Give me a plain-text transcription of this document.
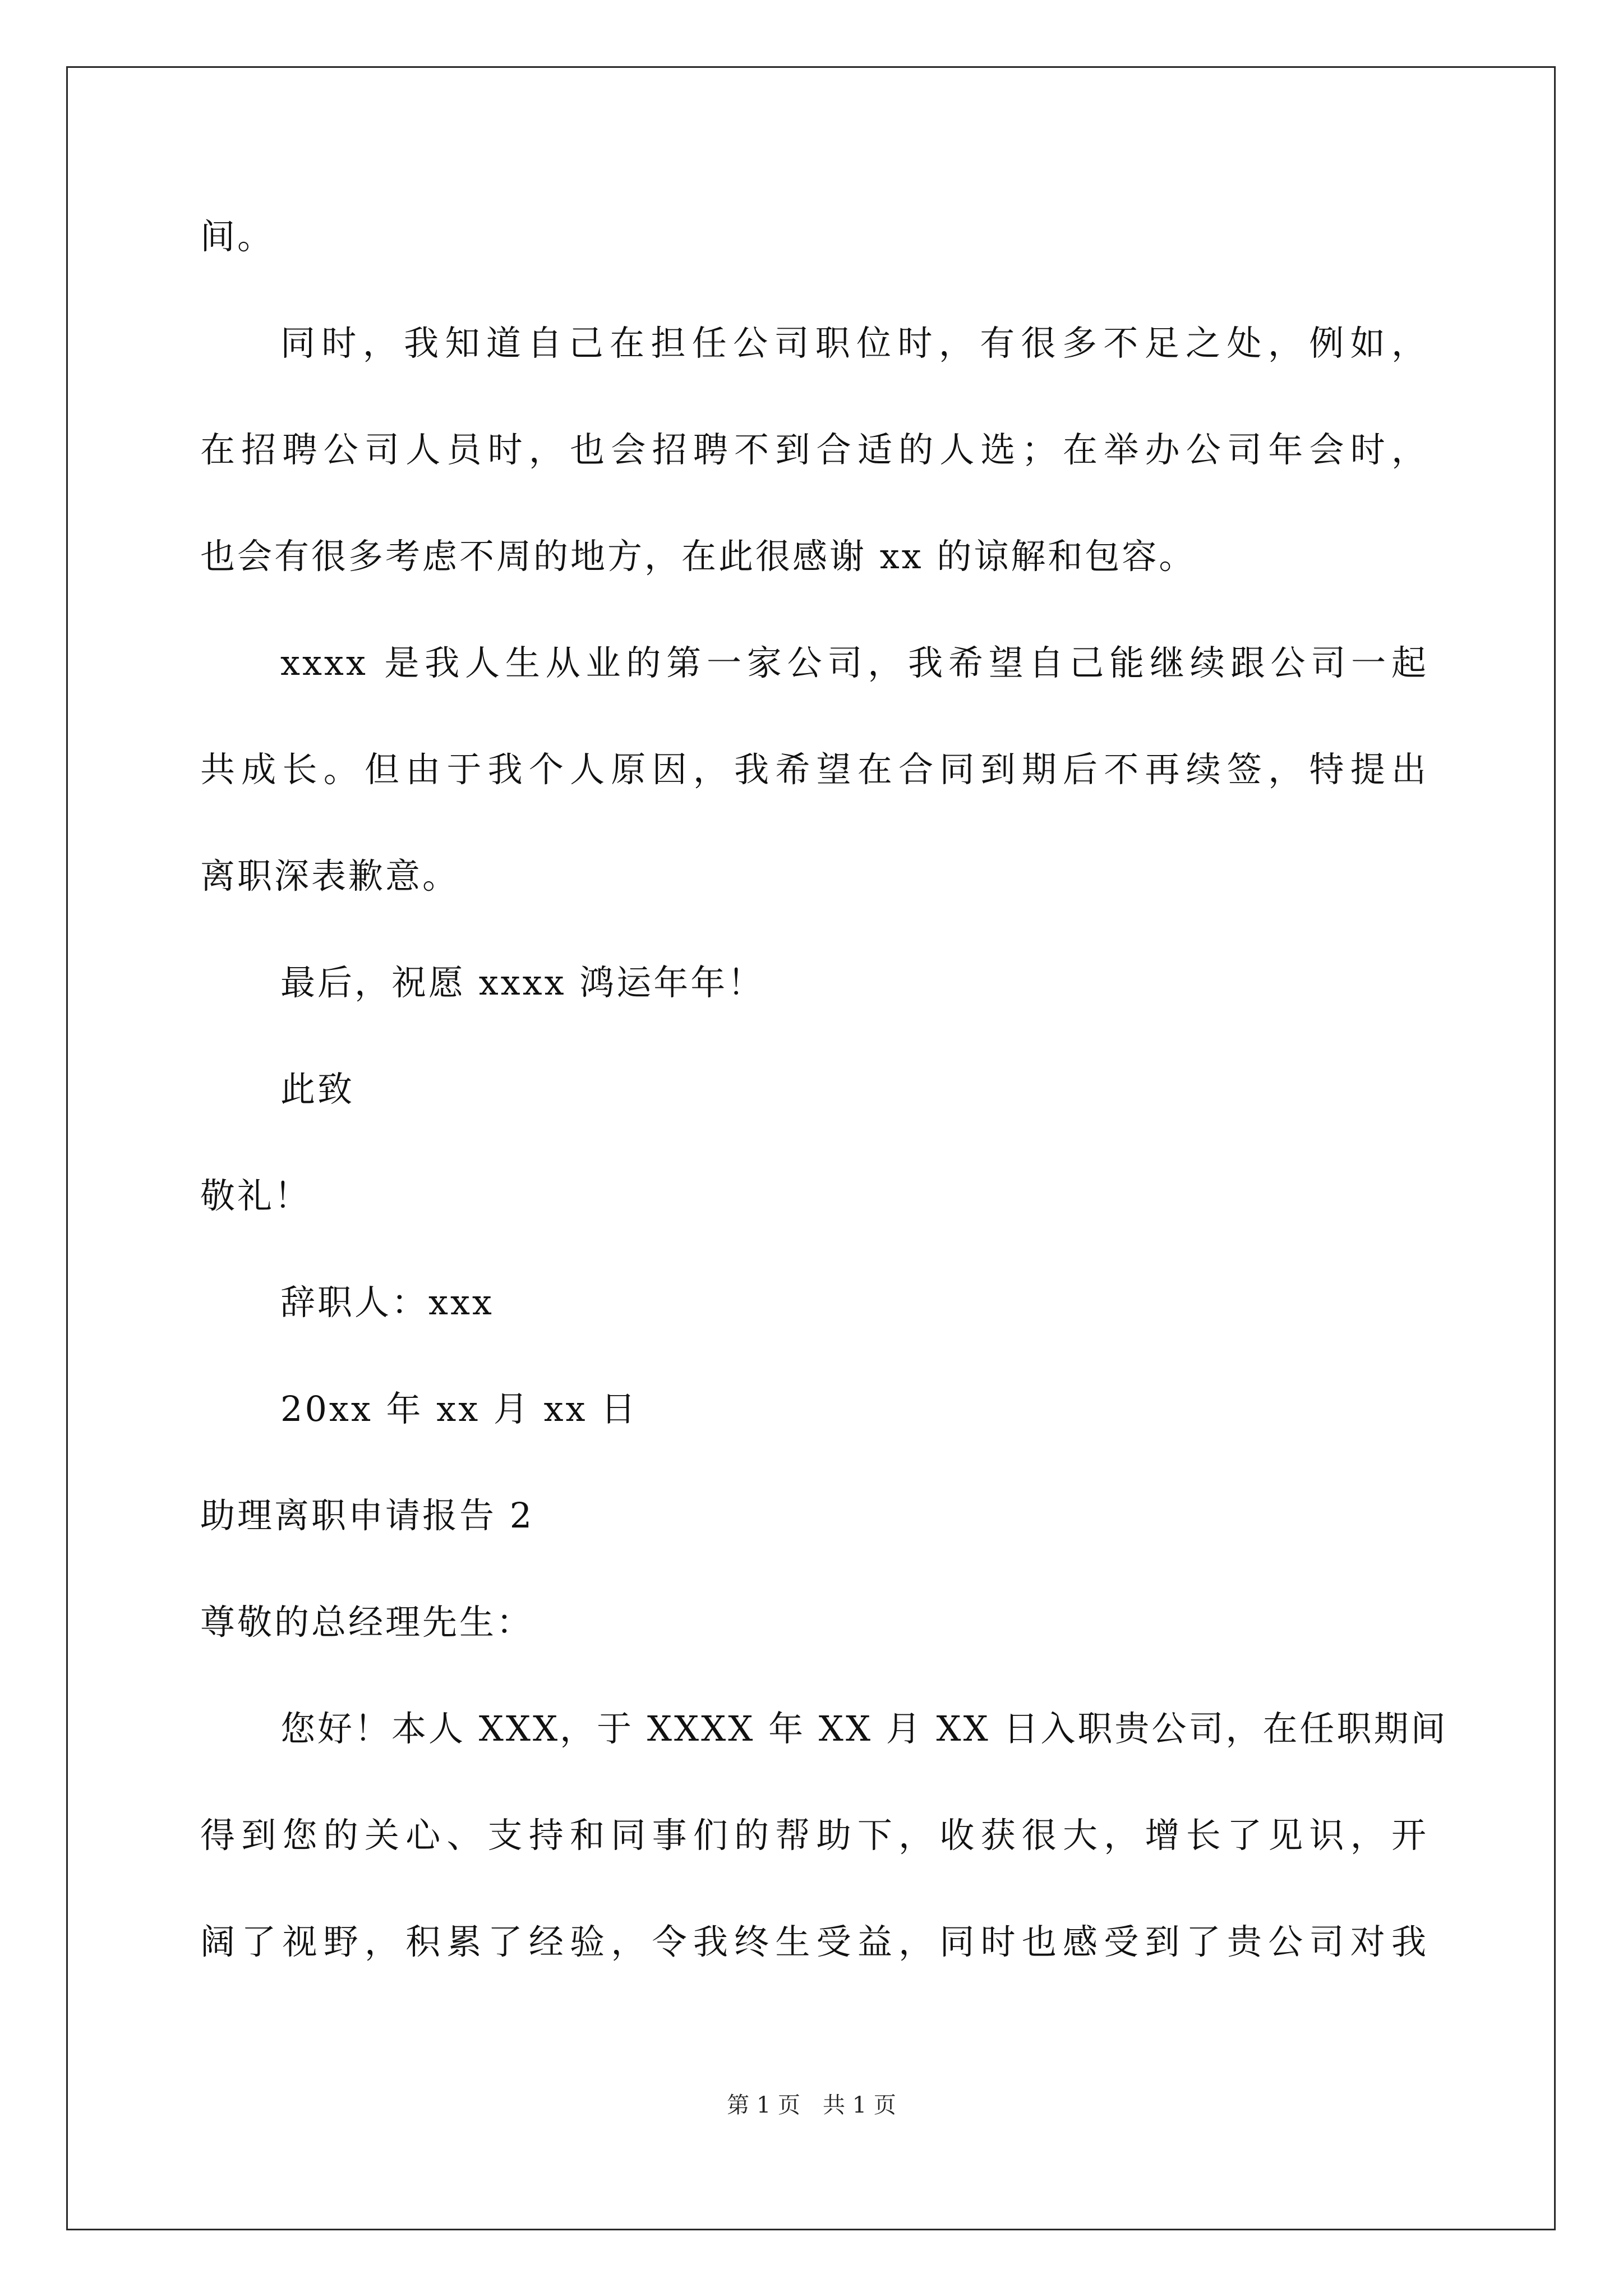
间。
同时，我知道自己在担任公司职位时，有很多不足之处，例如，
在招聘公司人员时，也会招聘不到合适的人选；在举办公司年会时，
也会有很多考虑不周的地方，在此很感谢 xx 的谅解和包容。
xxxx 是我人生从业的第一家公司，我希望自己能继续跟公司一起
共成长。但由于我个人原因，我希望在合同到期后不再续签，特提出
离职深表歉意。
最后，祝愿 xxxx 鸿运年年！
此致
敬礼！
辞职人：xxx
20xx 年 xx 月 xx 日
助理离职申请报告 2
尊敬的总经理先生：
您好！本人 XXX，于 XXXX 年 XX 月 XX 日入职贵公司，在任职期间
得到您的关心、支持和同事们的帮助下，收获很大，增长了见识，开
阔了视野，积累了经验，令我终生受益，同时也感受到了贵公司对我
第 1 页　共 1 页
